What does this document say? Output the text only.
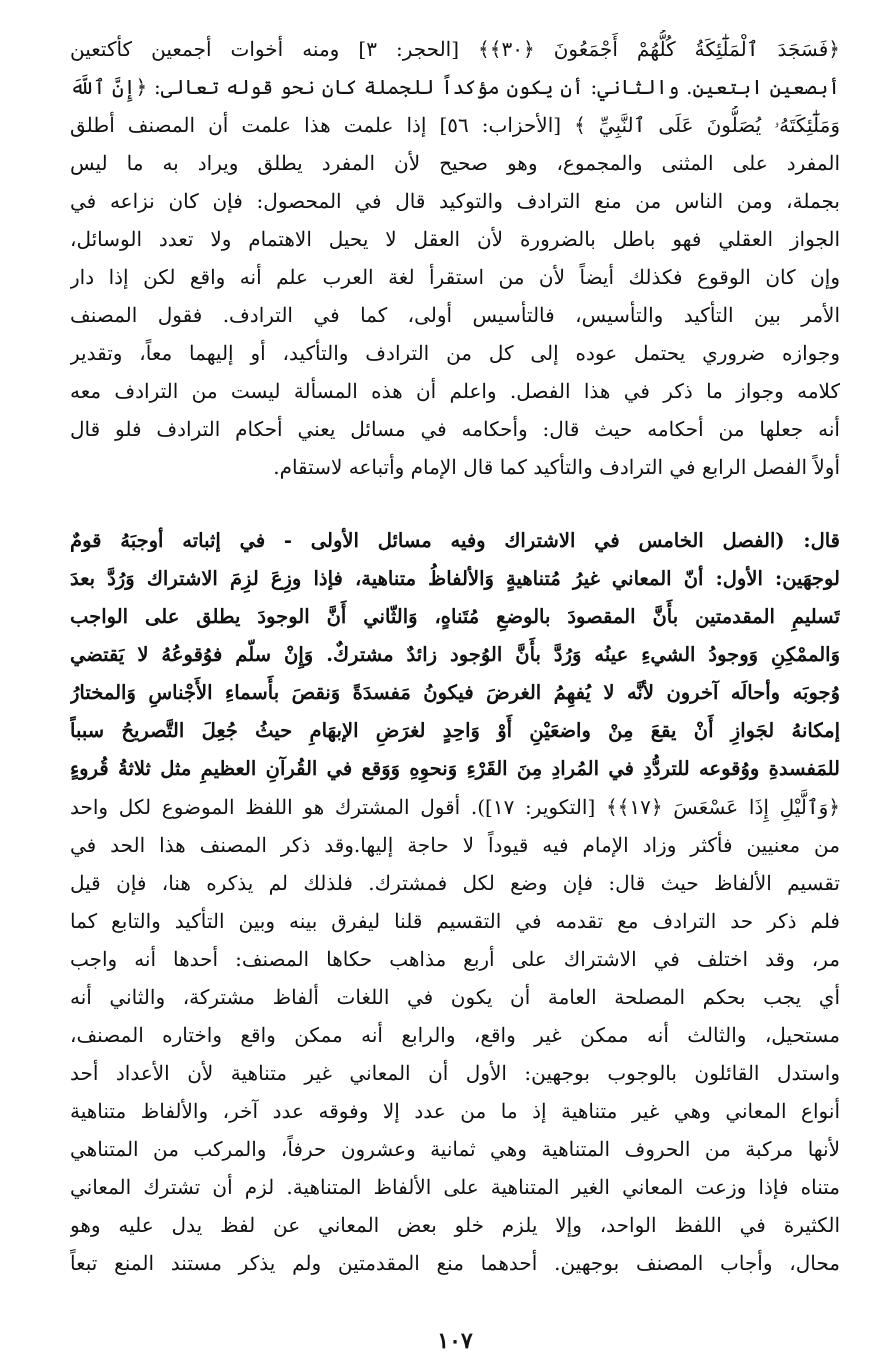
﴿فَسَجَدَ ٱلْمَلَٰٓئِكَةُ كُلُّهُمْ أَجْمَعُونَ ﴿٣٠﴾﴾ [الحجر: ٣] ومنه أخوات أجمعين كأكتعين
أبصعين ابتعين. والثاني: أن يكون مؤكداً للجملة كان نحو قوله تعالى: ﴿إِنَّ ٱللَّهَ
وَمَلَٰٓئِكَتَهُۥ يُصَلُّونَ عَلَى ٱلنَّبِيِّ ﴾ [الأحزاب: ٥٦] إذا علمت هذا علمت أن المصنف أطلق
المفرد على المثنى والمجموع، وهو صحيح لأن المفرد يطلق ويراد به ما ليس
بجملة، ومن الناس من منع الترادف والتوكيد قال في المحصول: فإن كان نزاعه في
الجواز العقلي فهو باطل بالضرورة لأن العقل لا يحيل الاهتمام ولا تعدد الوسائل،
وإن كان الوقوع فكذلك أيضاً لأن من استقرأ لغة العرب علم أنه واقع لكن إذا دار
الأمر بين التأكيد والتأسيس، فالتأسيس أولى، كما في الترادف. فقول المصنف
وجوازه ضروري يحتمل عوده إلى كل من الترادف والتأكيد، أو إليهما معاً، وتقدير
كلامه وجواز ما ذكر في هذا الفصل. واعلم أن هذه المسألة ليست من الترادف معه
أنه جعلها من أحكامه حيث قال: وأحكامه في مسائل يعني أحكام الترادف فلو قال
أولاً الفصل الرابع في الترادف والتأكيد كما قال الإمام وأتباعه لاستقام.
قال: (الفصل الخامس في الاشتراك وفيه مسائل الأولى - في إثباته أوجبَهُ قومٌ
لوجهَين: الأول: أنّ المعاني غيرُ مُتناهيةٍ وَالألفاظُ متناهية، فإذا وزِعَ لزِمَ الاشتراك وَرُدَّ بعدَ
تَسليمِ المقدمتين بأَنَّ المقصودَ بالوضعِ مُتَناهٍ، وَالثّاني أَنَّ الوجودَ يطلق على الواجب
وَالممْكِنِ وَوجودُ الشيءِ عينُه وَرُدَّ بأَنَّ الوُجود زائدٌ مشتركٌ. وَإِنْ سلّم فوُقوعُهُ لا يَقتضي
وُجوبَه وأحالَه آخرون لأنَّه لا يُفهِمُ الغرضَ فيكونُ مَفسدَةً وَنقصَ بأَسماءِ الأَجْناسِ وَالمختارُ
إمكانهُ لجَوازِ أَنْ يقعَ مِنْ واضعَيْنِ أَوْ وَاحِدٍ لغرَضِ الإبهَامِ حيثُ جُعِلَ التَّصريحُ سبباً
للمَفسدةِ ووُقوعه للتردُّدِ في المُرادِ مِنَ القَرْءِ وَنحوِهِ وَوَقع في القُرآنِ العظيمِ مثل ثلاثةُ قُروءٍ
﴿وَٱلَّيْلِ إِذَا عَسْعَسَ ﴿١٧﴾﴾ [التكوير: ١٧]). أقول المشترك هو اللفظ الموضوع لكل واحد
من معنيين فأكثر وزاد الإمام فيه قيوداً لا حاجة إليها.وقد ذكر المصنف هذا الحد في
تقسيم الألفاظ حيث قال: فإن وضع لكل فمشترك. فلذلك لم يذكره هنا، فإن قيل
فلم ذكر حد الترادف مع تقدمه في التقسيم قلنا ليفرق بينه وبين التأكيد والتابع كما
مر، وقد اختلف في الاشتراك على أربع مذاهب حكاها المصنف: أحدها أنه واجب
أي يجب بحكم المصلحة العامة أن يكون في اللغات ألفاظ مشتركة، والثاني أنه
مستحيل، والثالث أنه ممكن غير واقع، والرابع أنه ممكن واقع واختاره المصنف،
واستدل القائلون بالوجوب بوجهين: الأول أن المعاني غير متناهية لأن الأعداد أحد
أنواع المعاني وهي غير متناهية إذ ما من عدد إلا وفوقه عدد آخر، والألفاظ متناهية
لأنها مركبة من الحروف المتناهية وهي ثمانية وعشرون حرفاً، والمركب من المتناهي
متناه فإذا وزعت المعاني الغير المتناهية على الألفاظ المتناهية. لزم أن تشترك المعاني
الكثيرة في اللفظ الواحد، وإلا يلزم خلو بعض المعاني عن لفظ يدل عليه وهو
محال، وأجاب المصنف بوجهين. أحدهما منع المقدمتين ولم يذكر مستند المنع تبعاً
١٠٧
